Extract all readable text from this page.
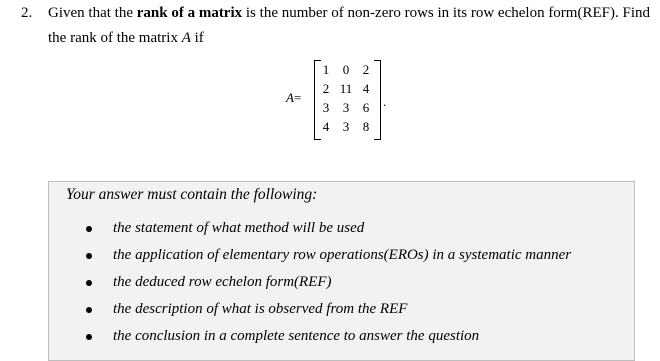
2. Given that the rank of a matrix is the number of non-zero rows in its row echelon form(REF). Find
the rank of the matrix A if
A=
1	0	2
2 11 4
3	3	6
4	3	8
.
Your answer must contain the following:
the statement of what method will be used
the application of elementary row operations(EROs) in a systematic manner
the deduced row echelon form(REF)
the description of what is observed from the REF
the conclusion in a complete sentence to answer the question
